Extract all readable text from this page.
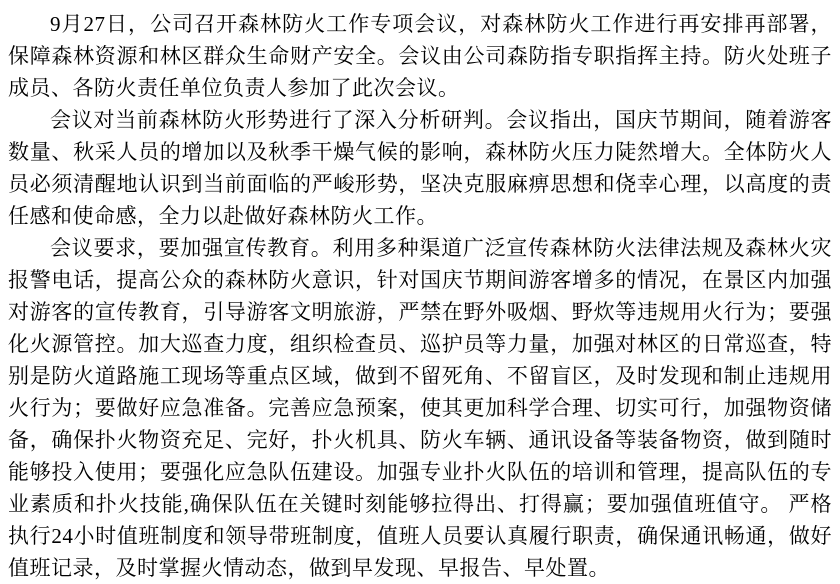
9月27日，公司召开森林防火工作专项会议，对森林防火工作进行再安排再部署，保障森林资源和林区群众生命财产安全。会议由公司森防指专职指挥主持。防火处班子成员、各防火责任单位负责人参加了此次会议。

会议对当前森林防火形势进行了深入分析研判。会议指出，国庆节期间，随着游客数量、秋采人员的增加以及秋季干燥气候的影响，森林防火压力陡然增大。全体防火人员必须清醒地认识到当前面临的严峻形势，坚决克服麻痹思想和侥幸心理，以高度的责任感和使命感，全力以赴做好森林防火工作。

会议要求，要加强宣传教育。利用多种渠道广泛宣传森林防火法律法规及森林火灾报警电话，提高公众的森林防火意识，针对国庆节期间游客增多的情况，在景区内加强对游客的宣传教育，引导游客文明旅游，严禁在野外吸烟、野炊等违规用火行为；要强化火源管控。加大巡查力度，组织检查员、巡护员等力量，加强对林区的日常巡查，特别是防火道路施工现场等重点区域，做到不留死角、不留盲区，及时发现和制止违规用火行为；要做好应急准备。完善应急预案，使其更加科学合理、切实可行，加强物资储备，确保扑火物资充足、完好，扑火机具、防火车辆、通讯设备等装备物资，做到随时能够投入使用；要强化应急队伍建设。加强专业扑火队伍的培训和管理，提高队伍的专业素质和扑火技能,确保队伍在关键时刻能够拉得出、打得赢；要加强值班值守。 严格执行24小时值班制度和领导带班制度，值班人员要认真履行职责，确保通讯畅通，做好值班记录，及时掌握火情动态，做到早发现、早报告、早处置。
